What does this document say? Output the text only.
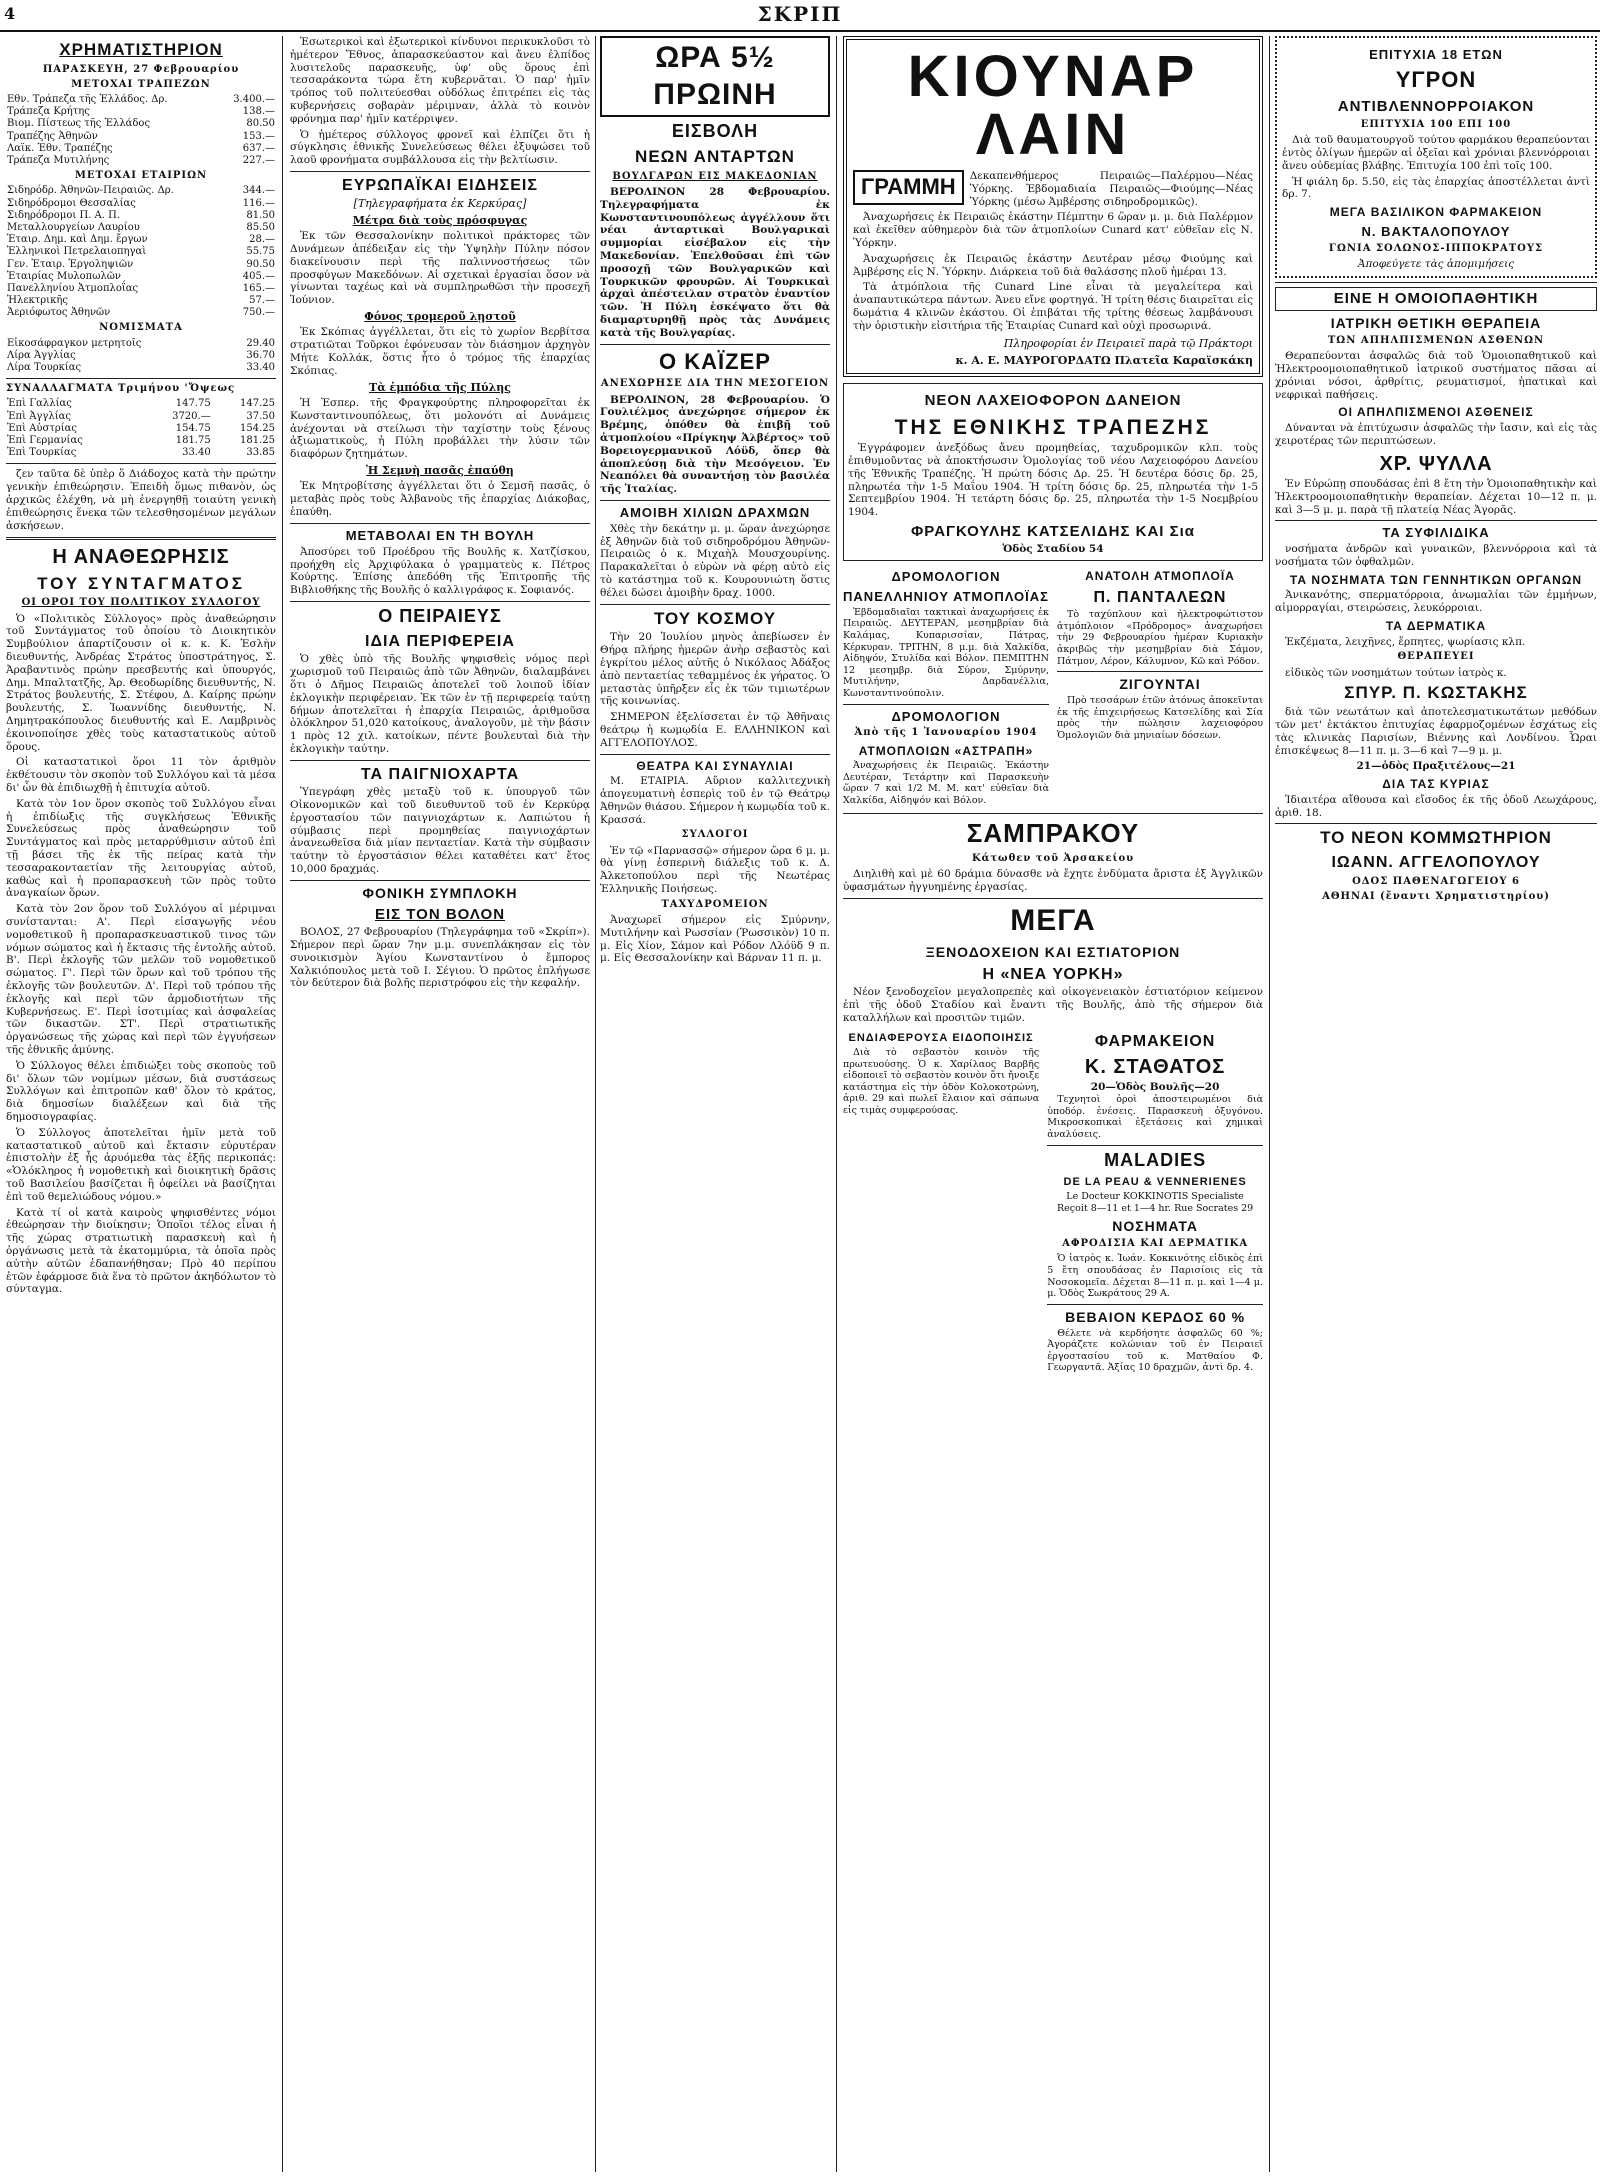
4	ΣΚΡΙΠ
ΧΡΗΜΑΤΙΣΤΗΡΙΟΝ
ΠΑΡΑΣΚΕΥΗ, 27 Φεβρουαρίου
ΜΕΤΟΧΑΙ ΤΡΑΠΕΖΩΝ
Εθν. Τράπεζα τῆς Ἑλλάδος. Δρ.	3.400.—
Τράπεζα Κρήτης	138.—
Βιομ. Πίστεως τῆς Ἑλλάδος	80.50
Τραπέζης Ἀθηνῶν	153.—
Λαϊκ. Ἐθν. Τραπέζης	637.—
Τράπεζα Μυτιλήνης	227.—
ΜΕΤΟΧΑΙ ΕΤΑΙΡΙΩΝ
Σιδηρόδρ. Ἀθηνῶν-Πειραιῶς. Δρ.	344.—
Σιδηρόδρομοι Θεσσαλίας	116.—
Σιδηρόδρομοι Π. Α. Π.	81.50
Μεταλλουργείων Λαυρίου	85.50
Ἑταιρ. Δημ. καὶ Δημ. ἔργων	28.—
Ἑλληνικοὶ Πετρελαιοπηγαὶ	55.75
Γεν. Ἑταιρ. Ἐργοληψιῶν	90.50
Ἑταιρίας Μυλοπωλῶν	405.—
Πανελληνίου Ἀτμοπλοΐας	165.—
Ἠλεκτρικῆς	57.—
Ἀεριόφωτος Ἀθηνῶν	750.—
ΝΟΜΙΣΜΑΤΑ
Εἰκοσάφραγκον μετρητοῖς	29.40
Λίρα Ἀγγλίας	36.70
Λίρα Τουρκίας	33.40
ΣΥΝΑΛΛΑΓΜΑΤΑ Τριμήνου 'Ὄψεως
Ἐπὶ Γαλλίας	147.75	147.25
Ἐπὶ Ἀγγλίας	3720.—	37.50
Ἐπὶ Αὐστρίας	154.75	154.25
Ἐπὶ Γερμανίας	181.75	181.25
Ἐπὶ Τουρκίας	33.40	33.85

ζεν ταῦτα δὲ ὑπὲρ ὅ Διάδοχος κατὰ τὴν πρώτην γενικὴν ἐπιθεώρησιν. Ἐπειδὴ ὅμως πιθανὸν, ὡς ἀρχικῶς ἐλέχθη, νὰ μὴ ἐνεργηθῇ τοιαύτη γενικὴ ἐπιθεώρησις ἕνεκα τῶν τελεσθησομένων μεγάλων ἀσκήσεων.

Η ΑΝΑΘΕΩΡΗΣΙΣ
ΤΟΥ ΣΥΝΤΑΓΜΑΤΟΣ
ΟΙ ΟΡΟΙ ΤΟΥ ΠΟΛΙΤΙΚΟΥ ΣΥΛΛΟΓΟΥ

Ὁ «Πολιτικὸς Σύλλογος» πρὸς ἀναθεώρησιν τοῦ Συντάγματος τοῦ ὁποίου τὸ Διοικητικὸν Συμβούλιον ἀπαρτίζουσιν οἱ κ. κ. Κ. Ἐσλὴν διευθυντής, Ἀνδρέας Στράτος ὑποστράτηγος, Σ. Ἀραβαντινὸς πρώην πρεσβευτής καὶ ὑπουργός, Δημ. Μπαλτατζῆς, Ἀρ. Θεοδωρίδης διευθυντής, Ν. Στράτος βουλευτής, Σ. Στέφου, Δ. Καίρης πρώην βουλευτής, Σ. Ἰωαννίδης διευθυντής, Ν. Δημητρακόπουλος διευθυντής καὶ Ε. Λαμβρινὸς ἐκοινοποίησε χθὲς τοὺς καταστατικοὺς αὐτοῦ ὅρους.

Οἱ καταστατικοὶ ὅροι 11 τὸν ἀριθμὸν ἐκθέτουσιν τὸν σκοπὸν τοῦ Συλλόγου καὶ τὰ μέσα δι' ὧν θὰ ἐπιδιωχθῇ ἡ ἐπιτυχία αὐτοῦ.

Κατὰ τὸν 1ον ὅρον σκοπὸς τοῦ Συλλόγου εἶναι ἡ ἐπιδίωξις τῆς συγκλήσεως Ἐθνικῆς Συνελεύσεως πρὸς ἀναθεώρησιν τοῦ Συντάγματος καὶ πρὸς μεταρρύθμισιν αὐτοῦ ἐπὶ τῇ βάσει τῆς ἐκ τῆς πείρας κατὰ τὴν τεσσαρακονταετίαν τῆς λειτουργίας αὐτοῦ, καθὼς καὶ ἡ προπαρασκευὴ τῶν πρὸς τοῦτο ἀναγκαίων ὅρων.

Κατὰ τὸν 2ον ὅρον τοῦ Συλλόγου αἱ μέριμναι συνίστανται: Α'. Περὶ εἰσαγωγῆς νέου νομοθετικοῦ ἢ προπαρασκευαστικοῦ τινος τῶν νόμων σώματος καὶ ἡ ἔκτασις τῆς ἐντολῆς αὐτοῦ. Β'. Περὶ ἐκλογῆς τῶν μελῶν τοῦ νομοθετικοῦ σώματος. Γ'. Περὶ τῶν ὅρων καὶ τοῦ τρόπου τῆς ἐκλογῆς τῶν βουλευτῶν. Δ'. Περὶ τοῦ τρόπου τῆς ἐκλογῆς καὶ περὶ τῶν ἀρμοδιοτήτων τῆς Κυβερνήσεως. Ε'. Περὶ ἰσοτιμίας καὶ ἀσφαλείας τῶν δικαστῶν. ΣΤ'. Περὶ στρατιωτικῆς ὀργανώσεως τῆς χώρας καὶ περὶ τῶν ἐγγυήσεων τῆς ἐθνικῆς ἀμύνης.

Ὁ Σύλλογος θέλει ἐπιδιώξει τοὺς σκοποὺς τοῦ δι' ὅλων τῶν νομίμων μέσων, διὰ συστάσεως Συλλόγων καὶ ἐπιτροπῶν καθ' ὅλον τὸ κράτος, διὰ δημοσίων διαλέξεων καὶ διὰ τῆς δημοσιογραφίας.

Ὁ Σύλλογος ἀποτελεῖται ἡμῖν μετὰ τοῦ καταστατικοῦ αὐτοῦ καὶ ἔκτασιν εὐρυτέραν ἐπιστολὴν ἐξ ἧς ἀρυόμεθα τὰς ἑξῆς περικοπάς: «Ὁλόκληρος ἡ νομοθετικὴ καὶ διοικητικὴ δρᾶσις τοῦ Βασιλείου βασίζεται ἢ ὀφείλει νὰ βασίζηται ἐπὶ τοῦ θεμελιώδους νόμου.»

Κατὰ τί οἱ κατὰ καιροὺς ψηφισθέντες νόμοι ἐθεώρησαν τὴν διοίκησιν; Ὁποῖοι τέλος εἶναι ἡ τῆς χώρας στρατιωτικὴ παρασκευὴ καὶ ἡ ὀργάνωσις μετὰ τὰ ἐκατομμύρια, τὰ ὁποῖα πρὸς αὐτὴν αὐτῶν ἐδαπανήθησαν; Πρὸ 40 περίπου ἐτῶν ἐφάρμοσε διὰ ἕνα τὸ πρῶτον ἀκηδόλωτον τὸ σύνταγμα.

Ἐσωτερικοὶ καὶ ἐξωτερικοὶ κίνδυνοι περικυκλοῦσι τὸ ἡμέτερον Ἔθνος, ἀπαρασκεύαστον καὶ ἄνευ ἐλπίδος λυσιτελοῦς παρασκευῆς, ὑφ' οὓς ὅρους ἐπὶ τεσσαράκοντα τώρα ἔτη κυβερνᾶται. Ὁ παρ' ἡμῖν τρόπος τοῦ πολιτεύεσθαι οὐδόλως ἐπιτρέπει εἰς τὰς κυβερνήσεις σοβαρὰν μέριμναν, ἀλλὰ τὸ κοινὸν φρόνημα παρ' ἡμῖν κατέρριψεν.

Ὁ ἡμέτερος σύλλογος φρονεῖ καὶ ἐλπίζει ὅτι ἡ σύγκλησις ἐθνικῆς Συνελεύσεως θέλει ἐξυψώσει τοῦ λαοῦ φρονήματα συμβάλλουσα εἰς τὴν βελτίωσιν.

ΕΥΡΩΠΑΪΚΑΙ ΕΙΔΗΣΕΙΣ
[Τηλεγραφήματα ἐκ Κερκύρας]
Μέτρα διὰ τοὺς πρόσφυγας

Ἐκ τῶν Θεσσαλονίκην πολιτικοὶ πράκτορες τῶν Δυνάμεων ἀπέδειξαν εἰς τὴν Ὑψηλὴν Πύλην πόσον διακείνουσιν περὶ τῆς παλιννοστήσεως τῶν προσφύγων Μακεδόνων. Αἱ σχετικαὶ ἐργασίαι ὅσον νὰ γίνωνται ταχέως καὶ νὰ συμπληρωθῶσι τὴν προσεχῆ Ἰούνιον.

Φόνος τρομεροῦ λῃστοῦ

Ἐκ Σκόπιας ἀγγέλλεται, ὅτι εἰς τὸ χωρίον Βερβίτσα στρατιῶται Τοῦρκοι ἐφόνευσαν τὸν διάσημον ἀρχηγὸν Μήτε Κολλάκ, ὅστις ἦτο ὁ τρόμος τῆς ἐπαρχίας Σκόπιας.

Τὰ ἐμπόδια τῆς Πύλης

Ἡ Ἑσπερ. τῆς Φραγκφούρτης πληροφορεῖται ἐκ Κωνσταντινουπόλεως, ὅτι μολονότι αἱ Δυνάμεις ἀνέχονται νὰ στείλωσι τὴν ταχίστην τοὺς ξένους ἀξιωματικοὺς, ἡ Πύλη προβάλλει τὴν λύσιν τῶν διαφόρων ζητημάτων.

Ἡ Σεμνὴ πασᾶς ἐπαύθη

Ἐκ Μητροβίτσης ἀγγέλλεται ὅτι ὁ Σεμσῆ πασᾶς, ὁ μεταβὰς πρὸς τοὺς Ἀλβανοὺς τῆς ἐπαρχίας Διάκοβας, ἐπαύθη.

ΜΕΤΑΒΟΛΑΙ ΕΝ ΤΗ ΒΟΥΛΗ

Ἀποσύρει τοῦ Προέδρου τῆς Βουλῆς κ. Χατζίσκου, προήχθη εἰς Ἀρχιφύλακα ὁ γραμματεὺς κ. Πέτρος Κούρτης. Ἐπίσης ἀπεδόθη τῆς Ἐπιτροπῆς τῆς Βιβλιοθήκης τῆς Βουλῆς ὁ καλλιγράφος κ. Σοφιανός.

Ο ΠΕΙΡΑΙΕΥΣ
ΙΔΙΑ ΠΕΡΙΦΕΡΕΙΑ

Ὁ χθὲς ὑπὸ τῆς Βουλῆς ψηφισθεὶς νόμος περὶ χωρισμοῦ τοῦ Πειραιῶς ἀπὸ τῶν Ἀθηνῶν, διαλαμβάνει ὅτι ὁ Δῆμος Πειραιῶς ἀποτελεῖ τοῦ λοιποῦ ἰδίαν ἐκλογικὴν περιφέρειαν. Ἐκ τῶν ἐν τῇ περιφερείᾳ ταύτῃ δήμων ἀποτελεῖται ἡ ἐπαρχία Πειραιῶς, ἀριθμοῦσα ὁλόκληρον 51,020 κατοίκους, ἀναλογοῦν, μὲ τὴν βάσιν 1 πρὸς 12 χιλ. κατοίκων, πέντε βουλευταὶ διὰ τὴν ἐκλογικὴν ταύτην.

ΤΑ ΠΑΙΓΝΙΟΧΑΡΤΑ

Ὑπεγράφη χθὲς μεταξὺ τοῦ κ. ὑπουργοῦ τῶν Οἰκονομικῶν καὶ τοῦ διευθυντοῦ τοῦ ἐν Κερκύρᾳ ἐργοστασίου τῶν παιγνιοχάρτων κ. Λαπιώτου ἡ σύμβασις περὶ προμηθείας παιγνιοχάρτων ἀνανεωθεῖσα διὰ μίαν πενταετίαν. Κατὰ τὴν σύμβασιν ταύτην τὸ ἐργοστάσιον θέλει καταθέτει κατ' ἔτος 10,000 δραχμάς.

ΦΟΝΙΚΗ ΣΥΜΠΛΟΚΗ
ΕΙΣ ΤΟΝ ΒΟΛΟΝ

ΒΟΛΟΣ, 27 Φεβρουαρίου (Τηλεγράφημα τοῦ «Σκρίπ»). Σήμερον περὶ ὥραν 7ην μ.μ. συνεπλάκησαν εἰς τὸν συνοικισμὸν Ἁγίου Κωνσταντίνου ὁ ἔμπορος Χαλκιόπουλος μετὰ τοῦ Ι. Σέγιου. Ὁ πρῶτος ἐπλήγωσε τὸν δεύτερον διὰ βολῆς περιστρόφου εἰς τὴν κεφαλήν.

ΩΡΑ 5½ ΠΡΩΙΝΗ
ΕΙΣΒΟΛΗ
ΝΕΩΝ ΑΝΤΑΡΤΩΝ
ΒΟΥΛΓΑΡΩΝ ΕΙΣ ΜΑΚΕΔΟΝΙΑΝ

ΒΕΡΟΛΙΝΟΝ 28 Φεβρουαρίου. Τηλεγραφήματα ἐκ Κωνσταντινουπόλεως ἀγγέλλουν ὅτι νέαι ἀνταρτικαὶ Βουλγαρικαὶ συμμορίαι εἰσέβαλον εἰς τὴν Μακεδονίαν. Ἐπελθοῦσαι ἐπὶ τῶν προσοχῇ τῶν Βουλγαρικῶν καὶ Τουρκικῶν φρουρῶν. Αἱ Τουρκικαὶ ἀρχαὶ ἀπέστειλαν στρατὸν ἐναντίον τῶν. Ἡ Πύλη ἐσκέψατο ὅτι θὰ διαμαρτυρηθῇ πρὸς τὰς Δυνάμεις κατὰ τῆς Βουλγαρίας.

Ο ΚΑΪΖΕΡ
ΑΝΕΧΩΡΗΣΕ ΔΙΑ ΤΗΝ ΜΕΣΟΓΕΙΟΝ

ΒΕΡΟΛΙΝΟΝ, 28 Φεβρουαρίου. Ὁ Γουλιέλμος ἀνεχώρησε σήμερον ἐκ Βρέμης, ὁπόθεν θὰ ἐπιβῇ τοῦ ἀτμοπλοίου «Πρίγκηψ Ἀλβέρτος» τοῦ Βορειογερμανικοῦ Λόϋδ, ὅπερ θὰ ἀποπλεύσῃ διὰ τὴν Μεσόγειον. Ἐν Νεαπόλει θὰ συναντήσῃ τὸν βασιλέα τῆς Ἰταλίας.

ΑΜΟΙΒΗ ΧΙΛΙΩΝ ΔΡΑΧΜΩΝ

Χθὲς τὴν δεκάτην μ. μ. ὥραν ἀνεχώρησε ἐξ Ἀθηνῶν διὰ τοῦ σιδηροδρόμου Ἀθηνῶν-Πειραιῶς ὁ κ. Μιχαὴλ Μουσχουρίνης. Παρακαλεῖται ὁ εὑρὼν νὰ φέρῃ αὐτὸ εἰς τὸ κατάστημα τοῦ κ. Κουρουνιώτη ὅστις θέλει δώσει ἀμοιβὴν δραχ. 1000.

ΤΟΥ ΚΟΣΜΟΥ

Τὴν 20 Ἰουλίου μηνὸς ἀπεβίωσεν ἐν Θήρᾳ πλήρης ἡμερῶν ἀνὴρ σεβαστὸς καὶ ἐγκρίτου μέλος αὐτῆς ὁ Νικόλαος Ἀδάξος ἀπὸ πενταετίας τεθαμμένος ἐκ γήρατος. Ὁ μεταστὰς ὑπῆρξεν εἷς ἐκ τῶν τιμιωτέρων τῆς κοινωνίας.

ΣΗΜΕΡΟΝ ἐξελίσσεται ἐν τῷ Ἀθῆναις θεάτρῳ ἡ κωμῳδία Ε. ΕΛΛΗΝΙΚΟΝ καὶ ΑΓΓΕΛΟΠΟΥΛΟΣ.

ΘΕΑΤΡΑ ΚΑΙ ΣΥΝΑΥΛΙΑΙ

Μ. ΕΤΑΙΡΙΑ. Αὔριον καλλιτεχνικὴ ἀπογευματινὴ ἐσπερὶς τοῦ ἐν τῷ Θεάτρῳ Ἀθηνῶν θιάσου. Σήμερον ἡ κωμῳδία τοῦ κ. Κρασσά.

ΣΥΛΛΟΓΟΙ

Ἐν τῷ «Παρνασσῷ» σήμερον ὥρα 6 μ. μ. θὰ γίνῃ ἑσπερινὴ διάλεξις τοῦ κ. Δ. Ἀλκετοπούλου περὶ τῆς Νεωτέρας Ἑλληνικῆς Ποιήσεως.

ΤΑΧΥΔΡΟΜΕΙΟΝ

Ἀναχωρεῖ σήμερον εἰς Σμύρνην, Μυτιλήνην καὶ Ρωσσίαν (Ῥωσσικὸν) 10 π. μ. Εἰς Χίον, Σάμον καὶ Ρόδον Λλόϋδ 9 π. μ. Εἰς Θεσσαλονίκην καὶ Βάρναν 11 π. μ.

ΚΙΟΥΝΑΡ ΛΑΙΝ
ΓΡΑΜΜΗ	Δεκαπενθήμερος Πειραιῶς—Παλέρμου—Νέας Ὑόρκης. Ἑβδομαδιαία Πειραιῶς—Φιούμης—Νέας Ὑόρκης (μέσω Ἀμβέρσης σιδηροδρομικῶς).

Ἀναχωρήσεις ἐκ Πειραιῶς ἑκάστην Πέμπτην 6 ὥραν μ. μ. διὰ Παλέρμον καὶ ἐκεῖθεν αὐθημερὸν διὰ τῶν ἀτμοπλοίων Cunard κατ' εὐθεῖαν εἰς Ν. Ὑόρκην.

Ἀναχωρήσεις ἐκ Πειραιῶς ἑκάστην Δευτέραν μέσῳ Φιούμης καὶ Ἀμβέρσης εἰς Ν. Ὑόρκην. Διάρκεια τοῦ διὰ θαλάσσης πλοῦ ἡμέραι 13.

Τὰ ἀτμόπλοια τῆς Cunard Line εἶναι τὰ μεγαλείτερα καὶ ἀναπαυτικώτερα πάντων. Ἀνευ εἴνε φορτηγά. Ἡ τρίτη θέσις διαιρεῖται εἰς δωμάτια 4 κλινῶν ἐκάστου. Οἱ ἐπιβάται τῆς τρίτης θέσεως λαμβάνουσι τὴν ὁριστικὴν εἰσιτήρια τῆς Ἑταιρίας Cunard καὶ οὐχὶ προσωρινά.

Πληροφορίαι ἐν Πειραιεῖ παρὰ τῷ Πράκτορι
κ. Α. Ε. ΜΑΥΡΟΓΟΡΔΑΤΩ Πλατεῖα Καραϊσκάκη
ΝΕΟΝ ΛΑΧΕΙΟΦΟΡΟΝ ΔΑΝΕΙΟΝ
ΤΗΣ ΕΘΝΙΚΗΣ ΤΡΑΠΕΖΗΣ

Ἐγγράφομεν ἀνεξόδως ἄνευ προμηθείας, ταχυδρομικῶν κλπ. τοὺς ἐπιθυμοῦντας νὰ ἀποκτήσωσιν Ὁμολογίας τοῦ νέου Λαχειοφόρου Δανείου τῆς Ἐθνικῆς Τραπέζης. Ἡ πρώτη δόσις Δρ. 25. Ἡ δευτέρα δόσις δρ. 25, πληρωτέα τὴν 1-5 Μαΐου 1904. Ἡ τρίτη δόσις δρ. 25, πληρωτέα τὴν 1-5 Σεπτεμβρίου 1904. Ἡ τετάρτη δόσις δρ. 25, πληρωτέα τὴν 1-5 Νοεμβρίου 1904.

ΦΡΑΓΚΟΥΛΗΣ ΚΑΤΣΕΛΙΔΗΣ ΚΑΙ Σια
Ὁδὸς Σταδίου 54
ΔΡΟΜΟΛΟΓΙΟΝ
ΠΑΝΕΛΛΗΝΙΟΥ ΑΤΜΟΠΛΟΪΑΣ

Ἑβδομαδιαῖαι τακτικαὶ ἀναχωρήσεις ἐκ Πειραιῶς. ΔΕΥΤΕΡΑΝ, μεσημβρίαν διὰ Καλάμας, Κυπαρισσίαν, Πάτρας, Κέρκυραν. ΤΡΙΤΗΝ, 8 μ.μ. διὰ Χαλκίδα, Αἰδηψόν, Στυλίδα καὶ Βόλον. ΠΕΜΠΤΗΝ 12 μεσημβρ. διὰ Σύρον, Σμύρνην, Μυτιλήνην, Δαρδανέλλια, Κωνσταντινούπολιν.

ΔΡΟΜΟΛΟΓΙΟΝ
Ἀπὸ τῆς 1 Ἰανουαρίου 1904
ΑΤΜΟΠΛΟΙΩΝ «ΑΣΤΡΑΠΗ»

Ἀναχωρήσεις ἐκ Πειραιῶς. Ἑκάστην Δευτέραν, Τετάρτην καὶ Παρασκευὴν ὥραν 7 καὶ 1/2 Μ. Μ. κατ' εὐθεῖαν διὰ Χαλκίδα, Αἰδηψόν καὶ Βόλον.

ΑΝΑΤΟΛΗ ΑΤΜΟΠΛΟΪΑ
Π. ΠΑΝΤΑΛΕΩΝ

Τὸ ταχύπλουν καὶ ἠλεκτροφώτιστον ἀτμόπλοιον «Πρόδρομος» ἀναχωρήσει τὴν 29 Φεβρουαρίου ἡμέραν Κυριακὴν ἀκριβῶς τὴν μεσημβρίαν διὰ Σάμον, Πάτμον, Λέρον, Κάλυμνον, Κῶ καὶ Ρόδον.

ΖΙΓΟΥΝΤΑΙ

Πρὸ τεσσάρων ἐτῶν ἀτόνως ἀποκεῖνται ἐκ τῆς ἐπιχειρήσεως Κατσελίδης καὶ Σία πρὸς τὴν πώλησιν λαχειοφόρου Ὁμολογιῶν διὰ μηνιαίων δόσεων.

ΣΑΜΠΡΑΚΟΥ
Κάτωθεν τοῦ Ἀρσακείου

Διηλιθὴ καὶ μὲ 60 δράμια δύνασθε νὰ ἔχητε ἐνδύματα ἄριστα ἐξ Ἀγγλικῶν ὑφασμάτων ἠγγυημένης ἐργασίας.

ΜΕΓΑ
ΞΕΝΟΔΟΧΕΙΟΝ ΚΑΙ ΕΣΤΙΑΤΟΡΙΟΝ
Η «ΝΕΑ ΥΟΡΚΗ»

Νέον ξενοδοχεῖον μεγαλοπρεπὲς καὶ οἰκογενειακὸν ἐστιατόριον κείμενον ἐπὶ τῆς ὁδοῦ Σταδίου καὶ ἔναντι τῆς Βουλῆς, ἀπὸ τῆς σήμερον διὰ καταλλήλων καὶ προσιτῶν τιμῶν.

ΕΝΔΙΑΦΕΡΟΥΣΑ ΕΙΔΟΠΟΙΗΣΙΣ

Διὰ τὸ σεβαστὸν κοινὸν τῆς πρωτευούσης. Ὁ κ. Χαρίλαος Βαρβῆς εἰδοποιεῖ τὸ σεβαστὸν κοινὸν ὅτι ἤνοιξε κατάστημα εἰς τὴν ὁδὸν Κολοκοτρώνη, ἀριθ. 29 καὶ πωλεῖ ἔλαιον καὶ σάπωνα εἰς τιμὰς συμφερούσας.

ΦΑΡΜΑΚΕΙΟΝ
Κ. ΣΤΑΘΑΤΟΣ
20—Ὁδὸς Βουλῆς—20

Τεχνητοὶ ὀροὶ ἀποστειρωμένοι διὰ ὑποδόρ. ἐνέσεις. Παρασκευὴ ὀξυγόνου. Μικροσκοπικαὶ ἐξετάσεις καὶ χημικαὶ ἀναλύσεις.

MALADIES
DE LA PEAU & VENNERIENES
Le Docteur KOKKINOTIS Specialiste
Reçoit 8—11 et 1—4 hr. Rue Socrates 29
ΝΟΣΗΜΑΤΑ
ΑΦΡΟΔΙΣΙΑ ΚΑΙ ΔΕΡΜΑΤΙΚΑ

Ὁ ἰατρὸς κ. Ἰωάν. Κοκκινότης εἰδικὸς ἐπὶ 5 ἔτη σπουδάσας ἐν Παρισίοις εἰς τὰ Νοσοκομεῖα. Δέχεται 8—11 π. μ. καὶ 1—4 μ. μ. Ὁδὸς Σωκράτους 29 Α.

ΒΕΒΑΙΟΝ ΚΕΡΔΟΣ 60 %

Θέλετε νὰ κερδήσητε ἀσφαλῶς 60 %; Ἀγοράζετε κολώνιαν τοῦ ἐν Πειραιεῖ ἐργοστασίου τοῦ κ. Ματθαίου Φ. Γεωργαντᾶ. Ἀξίας 10 δραχμῶν, ἀντὶ δρ. 4.

ΕΠΙΤΥΧΙΑ 18 ΕΤΩΝ
ΥΓΡΟΝ
ΑΝΤΙΒΛΕΝΝΟΡΡΟΙΑΚΟΝ
ΕΠΙΤΥΧΙΑ 100 ΕΠΙ 100

Διὰ τοῦ θαυματουργοῦ τούτου φαρμάκου θεραπεύονται ἐντὸς ὀλίγων ἡμερῶν αἱ ὀξεῖαι καὶ χρόνιαι βλεννόρροιαι ἄνευ οὐδεμίας βλάβης. Ἐπιτυχία 100 ἐπὶ τοῖς 100.

Ἡ φιάλη δρ. 5.50, εἰς τὰς ἐπαρχίας ἀποστέλλεται ἀντὶ δρ. 7.

ΜΕΓΑ ΒΑΣΙΛΙΚΟΝ ΦΑΡΜΑΚΕΙΟΝ
Ν. ΒΑΚΤΑΛΟΠΟΥΛΟΥ
ΓΩΝΙΑ ΣΟΛΩΝΟΣ-ΙΠΠΟΚΡΑΤΟΥΣ
Ἀποφεύγετε τὰς ἀπομιμήσεις
ΕΙΝΕ Η ΟΜΟΙΟΠΑΘΗΤΙΚΗ
ΙΑΤΡΙΚΗ ΘΕΤΙΚΗ ΘΕΡΑΠΕΙΑ
ΤΩΝ ΑΠΗΛΠΙΣΜΕΝΩΝ ΑΣΘΕΝΩΝ

Θεραπεύονται ἀσφαλῶς διὰ τοῦ Ὁμοιοπαθητικοῦ καὶ Ἠλεκτροομοιοπαθητικοῦ ἰατρικοῦ συστήματος πᾶσαι αἱ χρόνιαι νόσοι, ἀρθρίτις, ρευματισμοί, ἡπατικαὶ καὶ νεφρικαὶ παθήσεις.

ΟΙ ΑΠΗΛΠΙΣΜΕΝΟΙ ΑΣΘΕΝΕΙΣ

Δύνανται νὰ ἐπιτύχωσιν ἀσφαλῶς τὴν ἴασιν, καὶ εἰς τὰς χειροτέρας τῶν περιπτώσεων.

ΧΡ. ΨΥΛΛΑ

Ἐν Εὐρώπῃ σπουδάσας ἐπὶ 8 ἔτη τὴν Ὁμοιοπαθητικὴν καὶ Ἠλεκτροομοιοπαθητικὴν θεραπείαν. Δέχεται 10—12 π. μ. καὶ 3—5 μ. μ. παρὰ τῇ πλατείᾳ Νέας Ἀγορᾶς.

ΤΑ ΣΥΦΙΛΙΔΙΚΑ

νοσήματα ἀνδρῶν καὶ γυναικῶν, βλεννόρροια καὶ τὰ νοσήματα τῶν ὀφθαλμῶν.

ΤΑ ΝΟΣΗΜΑΤΑ ΤΩΝ ΓΕΝΝΗΤΙΚΩΝ ΟΡΓΑΝΩΝ

Ἀνικανότης, σπερματόρροια, ἀνωμαλίαι τῶν ἐμμήνων, αἱμορραγίαι, στειρώσεις, λευκόρροιαι.

ΤΑ ΔΕΡΜΑΤΙΚΑ

Ἐκζέματα, λειχῆνες, ἕρπητες, ψωρίασις κλπ.

ΘΕΡΑΠΕΥΕΙ

εἰδικὸς τῶν νοσημάτων τούτων ἰατρὸς κ.

ΣΠΥΡ. Π. ΚΩΣΤΑΚΗΣ

διὰ τῶν νεωτάτων καὶ ἀποτελεσματικωτάτων μεθόδων τῶν μετ' ἐκτάκτου ἐπιτυχίας ἐφαρμοζομένων ἐσχάτως εἰς τὰς κλινικὰς Παρισίων, Βιέννης καὶ Λονδίνου. Ὧραι ἐπισκέψεως 8—11 π. μ. 3—6 καὶ 7—9 μ. μ.

21—ὁδὸς Πραξιτέλους—21
ΔΙΑ ΤΑΣ ΚΥΡΙΑΣ

Ἰδιαιτέρα αἴθουσα καὶ εἴσοδος ἐκ τῆς ὁδοῦ Λεωχάρους, ἀριθ. 18.

ΤΟ ΝΕΟΝ ΚΟΜΜΩΤΗΡΙΟΝ
ΙΩΑΝΝ. ΑΓΓΕΛΟΠΟΥΛΟΥ
ΟΔΟΣ ΠΑΘΕΝΑΓΩΓΕΙΟΥ 6
ΑΘΗΝΑΙ (ἔναντι Χρηματιστηρίου)
